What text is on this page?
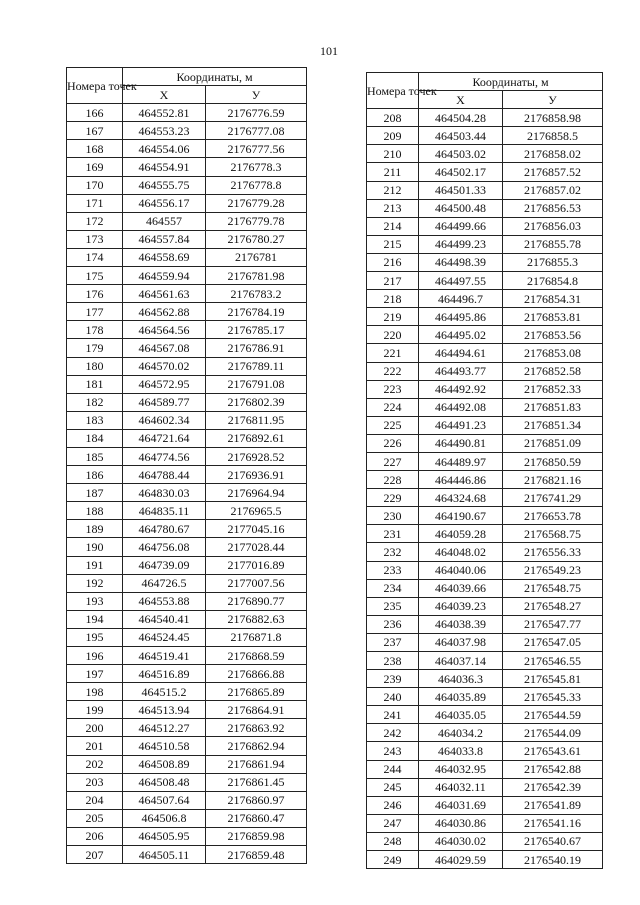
101
Номера точек	Координаты, м	
	Х	У
166	464552.81	2176776.59
167	464553.23	2176777.08
168	464554.06	2176777.56
169	464554.91	2176778.3
170	464555.75	2176778.8
171	464556.17	2176779.28
172	464557	2176779.78
173	464557.84	2176780.27
174	464558.69	2176781
175	464559.94	2176781.98
176	464561.63	2176783.2
177	464562.88	2176784.19
178	464564.56	2176785.17
179	464567.08	2176786.91
180	464570.02	2176789.11
181	464572.95	2176791.08
182	464589.77	2176802.39
183	464602.34	2176811.95
184	464721.64	2176892.61
185	464774.56	2176928.52
186	464788.44	2176936.91
187	464830.03	2176964.94
188	464835.11	2176965.5
189	464780.67	2177045.16
190	464756.08	2177028.44
191	464739.09	2177016.89
192	464726.5	2177007.56
193	464553.88	2176890.77
194	464540.41	2176882.63
195	464524.45	2176871.8
196	464519.41	2176868.59
197	464516.89	2176866.88
198	464515.2	2176865.89
199	464513.94	2176864.91
200	464512.27	2176863.92
201	464510.58	2176862.94
202	464508.89	2176861.94
203	464508.48	2176861.45
204	464507.64	2176860.97
205	464506.8	2176860.47
206	464505.95	2176859.98
207	464505.11	2176859.48
Номера точек	Координаты, м	
	Х	У
208	464504.28	2176858.98
209	464503.44	2176858.5
210	464503.02	2176858.02
211	464502.17	2176857.52
212	464501.33	2176857.02
213	464500.48	2176856.53
214	464499.66	2176856.03
215	464499.23	2176855.78
216	464498.39	2176855.3
217	464497.55	2176854.8
218	464496.7	2176854.31
219	464495.86	2176853.81
220	464495.02	2176853.56
221	464494.61	2176853.08
222	464493.77	2176852.58
223	464492.92	2176852.33
224	464492.08	2176851.83
225	464491.23	2176851.34
226	464490.81	2176851.09
227	464489.97	2176850.59
228	464446.86	2176821.16
229	464324.68	2176741.29
230	464190.67	2176653.78
231	464059.28	2176568.75
232	464048.02	2176556.33
233	464040.06	2176549.23
234	464039.66	2176548.75
235	464039.23	2176548.27
236	464038.39	2176547.77
237	464037.98	2176547.05
238	464037.14	2176546.55
239	464036.3	2176545.81
240	464035.89	2176545.33
241	464035.05	2176544.59
242	464034.2	2176544.09
243	464033.8	2176543.61
244	464032.95	2176542.88
245	464032.11	2176542.39
246	464031.69	2176541.89
247	464030.86	2176541.16
248	464030.02	2176540.67
249	464029.59	2176540.19
